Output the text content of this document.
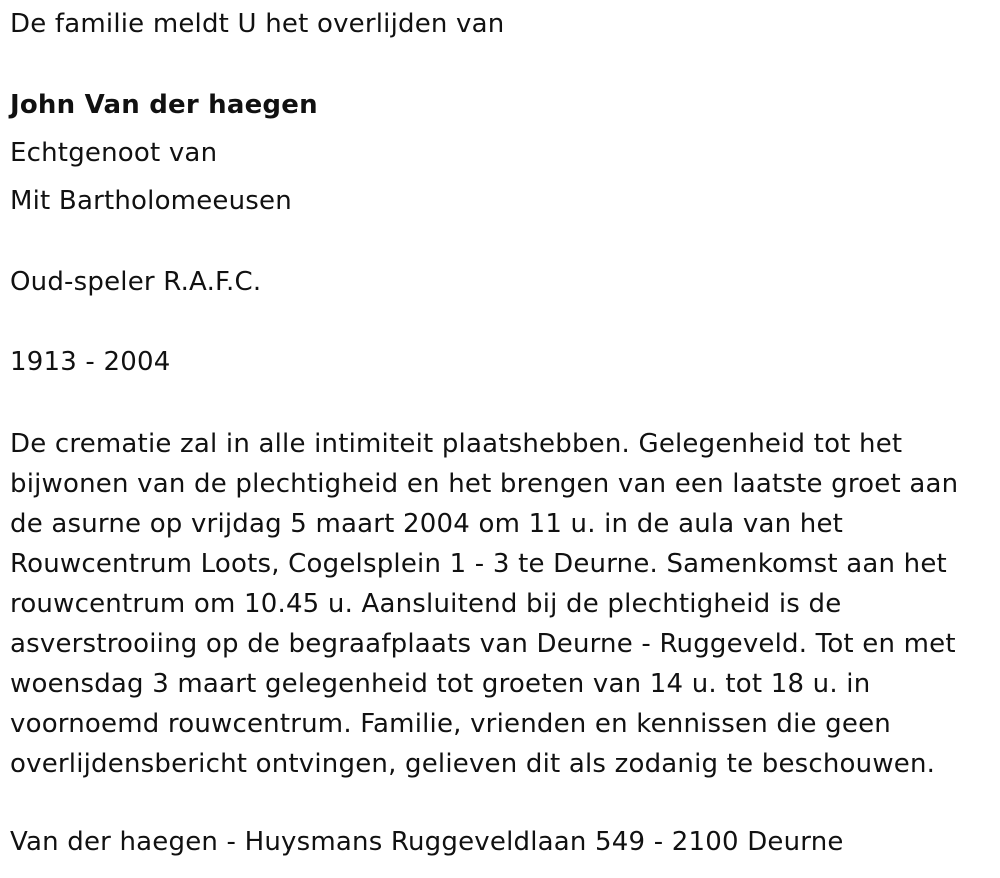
De familie meldt U het overlijden van
John Van der haegen
Echtgenoot van
Mit Bartholomeeusen
Oud-speler R.A.F.C.
1913 - 2004
De crematie zal in alle intimiteit plaatshebben. Gelegenheid tot het
bijwonen van de plechtigheid en het brengen van een laatste groet aan
de asurne op vrijdag 5 maart 2004 om 11 u. in de aula van het
Rouwcentrum Loots, Cogelsplein 1 - 3 te Deurne. Samenkomst aan het
rouwcentrum om 10.45 u. Aansluitend bij de plechtigheid is de
asverstrooiing op de begraafplaats van Deurne - Ruggeveld. Tot en met
woensdag 3 maart gelegenheid tot groeten van 14 u. tot 18 u. in
voornoemd rouwcentrum. Familie, vrienden en kennissen die geen
overlijdensbericht ontvingen, gelieven dit als zodanig te beschouwen.
Van der haegen - Huysmans Ruggeveldlaan 549 - 2100 Deurne
